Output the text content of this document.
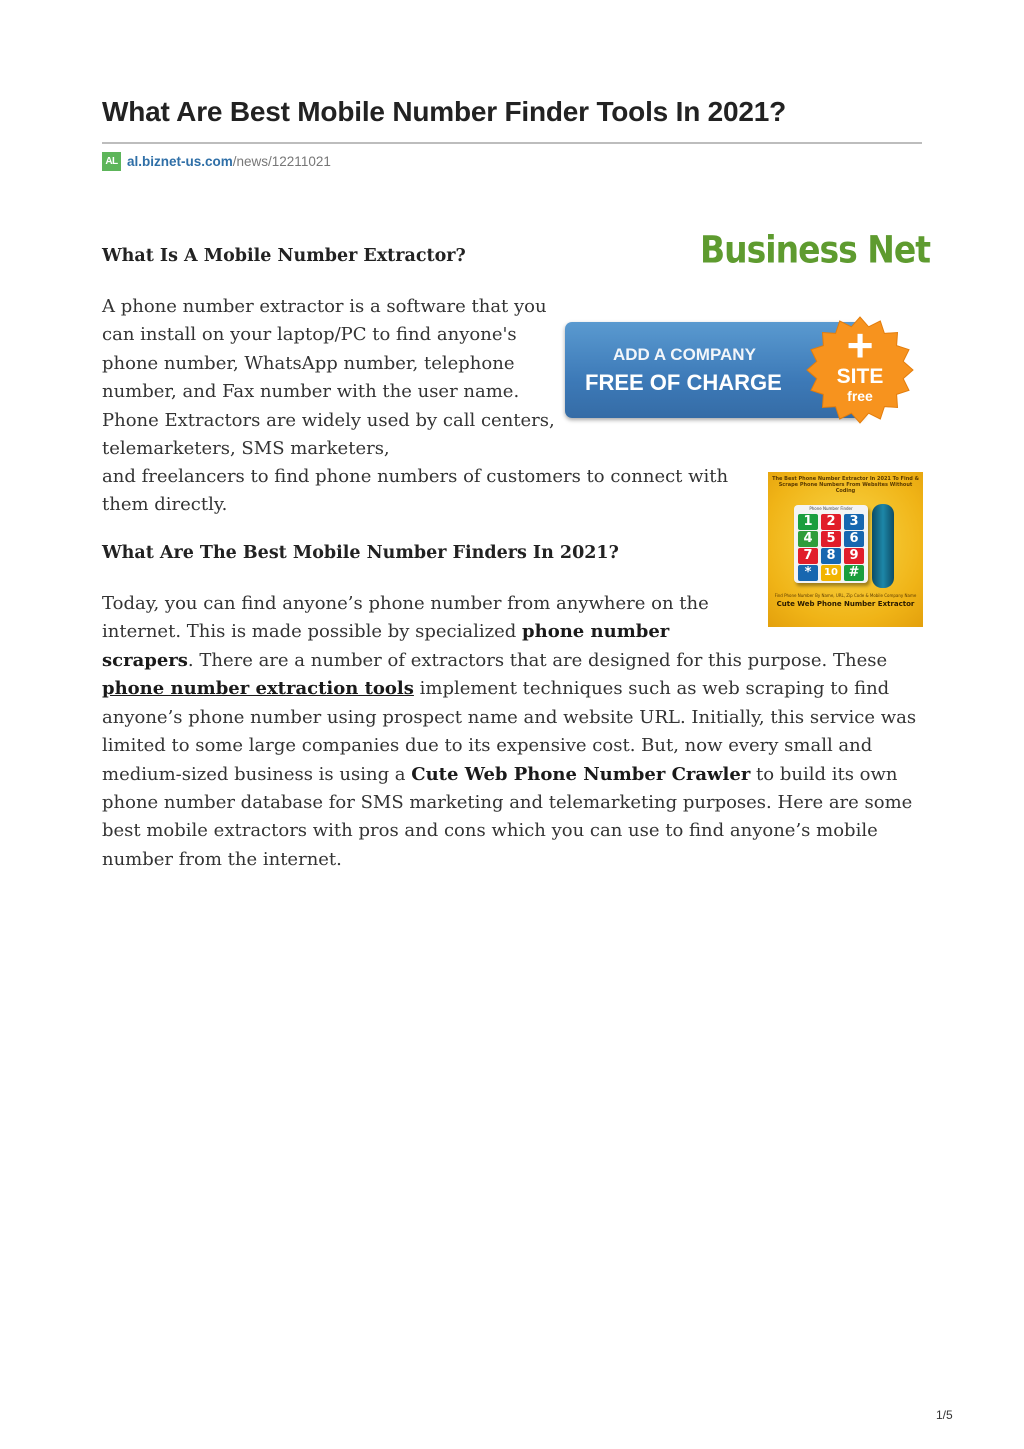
What Are Best Mobile Number Finder Tools In 2021?
AL al.biznet-us.com/news/12211021
What Is A Mobile Number Extractor?	Business Net

A phone number extractor is a software that you can install on your laptop/PC to find anyone's phone number, WhatsApp number, telephone number, and Fax number with the user name. Phone Extractors are widely used by call centers, telemarketers, SMS marketers,

ADD A COMPANY
FREE OF CHARGE
+
SITE
free

and freelancers to find phone numbers of customers to connect with them directly.

The Best Phone Number Extractor In 2021 To Find & Scrape Phone Numbers From Websites Without Coding
Phone Number Finder
1	2	3
4	5	6
7	8	9
*	10 #
Find Phone Number By Name, URL, Zip Code & Mobile Company Name
Cute Web Phone Number Extractor
What Are The Best Mobile Number Finders In 2021?

Today, you can find anyone’s phone number from anywhere on the internet. This is made possible by specialized phone number

scrapers. There are a number of extractors that are designed for this purpose. These phone number extraction tools implement techniques such as web scraping to find anyone’s phone number using prospect name and website URL. Initially, this service was limited to some large companies due to its expensive cost. But, now every small and medium-sized business is using a Cute Web Phone Number Crawler to build its own phone number database for SMS marketing and telemarketing purposes. Here are some best mobile extractors with pros and cons which you can use to find anyone’s mobile number from the internet.

1/5
